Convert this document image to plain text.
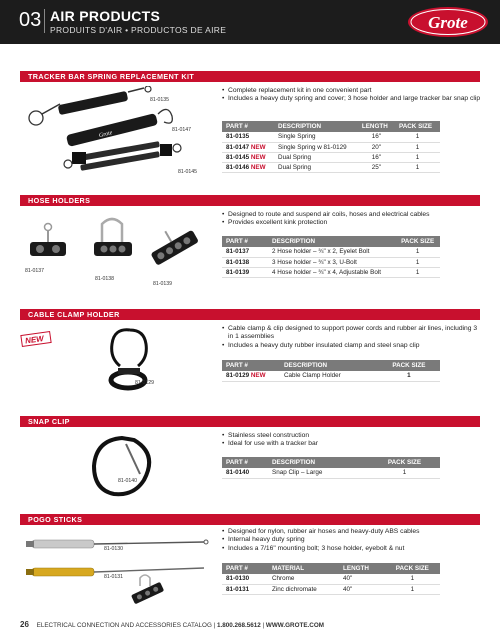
03 AIR PRODUCTS
PRODUITS D'AIR • PRODUCTOS DE AIRE	Grote
TRACKER BAR SPRING REPLACEMENT KIT
Grote
81-0135
81-0147
81-0145
• Complete replacement kit in one convenient part
• Includes a heavy duty spring and cover; 3 hose holder and large tracker bar snap clip
PART #	DESCRIPTION	LENGTH	PACK SIZE
81-0135	Single Spring	16"	1
81-0147 NEW	Single Spring w 81-0129	20"	1
81-0145 NEW	Dual Spring	16"	1
81-0146 NEW	Dual Spring	25"	1
HOSE HOLDERS
81-0137
81-0138
81-0139
• Designed to route and suspend air coils, hoses and electrical cables
• Provides excellent kink protection
PART #	DESCRIPTION	PACK SIZE
81-0137	2 Hose holder – ¾" x 2, Eyelet Bolt	1
81-0138	3 Hose holder – ¾" x 3, U-Bolt	1
81-0139	4 Hose holder – ¾" x 4, Adjustable Bolt	1
CABLE CLAMP HOLDER
NEW
81-0129
• Cable clamp & clip designed to support power cords and rubber air lines, including 3 in 1 assemblies
• Includes a heavy duty rubber insulated clamp and steel snap clip
PART #	DESCRIPTION	PACK SIZE
81-0129 NEW	Cable Clamp Holder	1
SNAP CLIP
81-0140
• Stainless steel construction
• Ideal for use with a tracker bar
PART #	DESCRIPTION	PACK SIZE
81-0140	Snap Clip – Large	1
POGO STICKS
81-0130
81-0131
• Designed for nylon, rubber air hoses and heavy-duty ABS cables
• Internal heavy duty spring
• Includes a 7/16" mounting bolt; 3 hose holder, eyebolt & nut
PART #	MATERIAL	LENGTH	PACK SIZE
81-0130	Chrome	40"	1
81-0131	Zinc dichromate	40"	1
26 ELECTRICAL CONNECTION AND ACCESSORIES CATALOG | 1.800.268.5612 | WWW.GROTE.COM
